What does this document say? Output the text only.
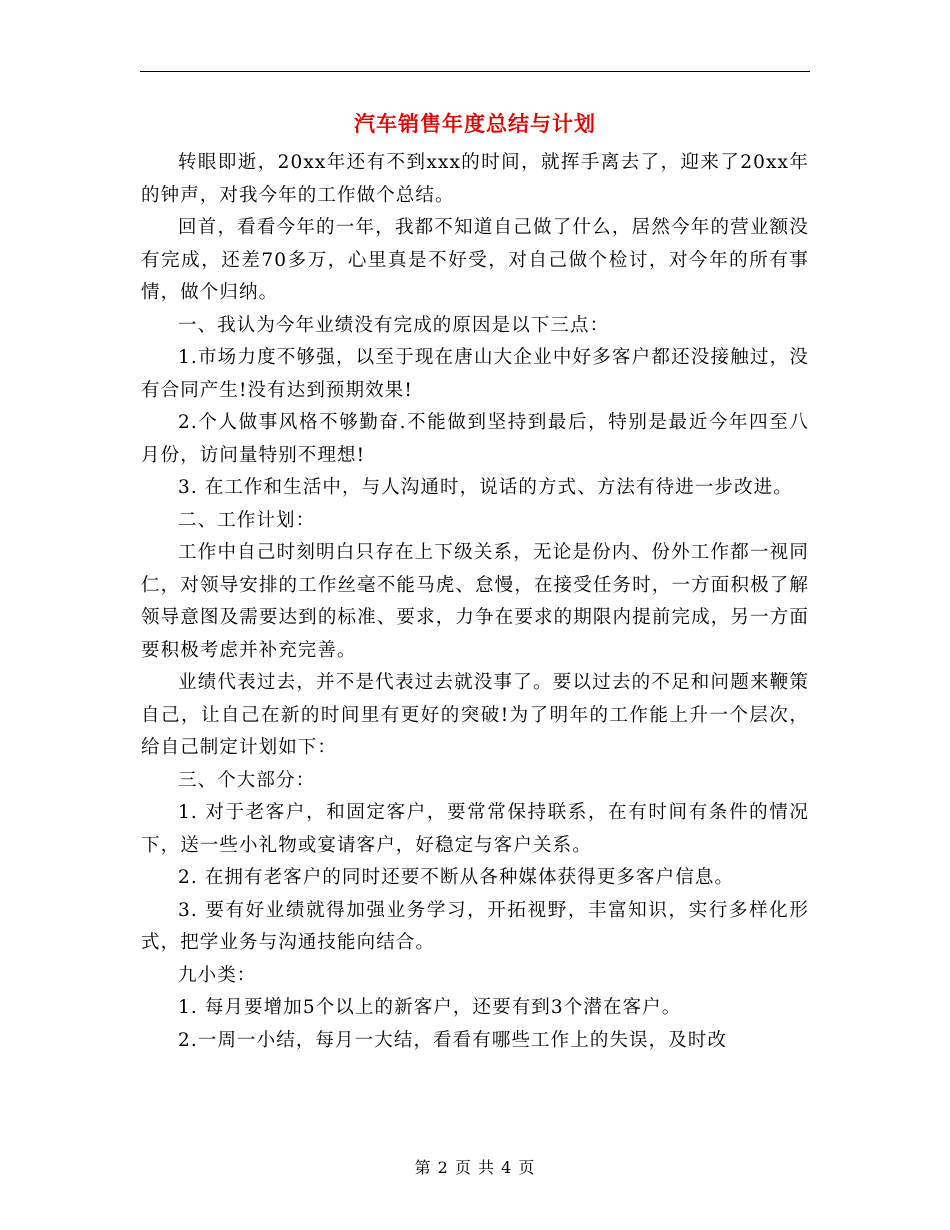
汽车销售年度总结与计划

转眼即逝，20xx年还有不到xxx的时间，就挥手离去了，迎来了20xx年的钟声，对我今年的工作做个总结。

回首，看看今年的一年，我都不知道自己做了什么，居然今年的营业额没有完成，还差70多万，心里真是不好受，对自己做个检讨，对今年的所有事情，做个归纳。

一、我认为今年业绩没有完成的原因是以下三点：

1.市场力度不够强，以至于现在唐山大企业中好多客户都还没接触过，没有合同产生!没有达到预期效果!

2.个人做事风格不够勤奋.不能做到坚持到最后，特别是最近今年四至八月份，访问量特别不理想!

3. 在工作和生活中，与人沟通时，说话的方式、方法有待进一步改进。

二、工作计划：

工作中自己时刻明白只存在上下级关系，无论是份内、份外工作都一视同仁，对领导安排的工作丝毫不能马虎、怠慢，在接受任务时，一方面积极了解领导意图及需要达到的标准、要求，力争在要求的期限内提前完成，另一方面要积极考虑并补充完善。

业绩代表过去，并不是代表过去就没事了。要以过去的不足和问题来鞭策自己，让自己在新的时间里有更好的突破!为了明年的工作能上升一个层次，给自己制定计划如下：

三、个大部分：

1. 对于老客户，和固定客户，要常常保持联系，在有时间有条件的情况下，送一些小礼物或宴请客户，好稳定与客户关系。

2. 在拥有老客户的同时还要不断从各种媒体获得更多客户信息。

3. 要有好业绩就得加强业务学习，开拓视野，丰富知识，实行多样化形式，把学业务与沟通技能向结合。

九小类：

1. 每月要增加5个以上的新客户，还要有到3个潜在客户。

2.一周一小结，每月一大结，看看有哪些工作上的失误，及时改

第 2 页 共 4 页
